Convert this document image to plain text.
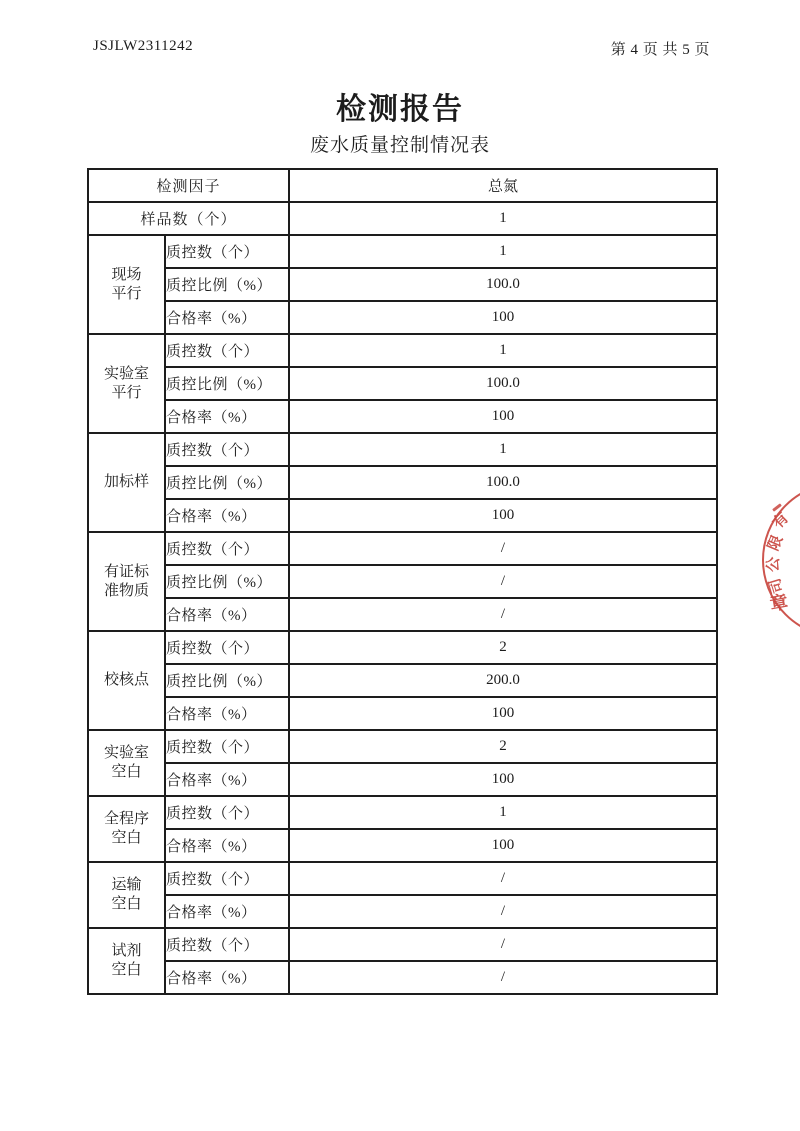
JSJLW2311242	第 4 页 共 5 页
检测报告
废水质量控制情况表
检测因子		总氮
样品数（个）		1
现场
平行	质控数（个）	1
	质控比例（%）	100.0
	合格率（%）	100
实验室
平行	质控数（个）	1
	质控比例（%）	100.0
	合格率（%）	100
加标样	质控数（个）	1
	质控比例（%）	100.0
	合格率（%）	100
有证标
准物质	质控数（个）	/
	质控比例（%）	/
	合格率（%）	/
校核点	质控数（个）	2
	质控比例（%）	200.0
	合格率（%）	100
实验室
空白	质控数（个）	2
	合格率（%）	100
全程序
空白	质控数（个）	1
	合格率（%）	100
运输
空白	质控数（个）	/
	合格率（%）	/
试剂
空白	质控数（个）	/
	合格率（%）	/
有
限
公
司
章
